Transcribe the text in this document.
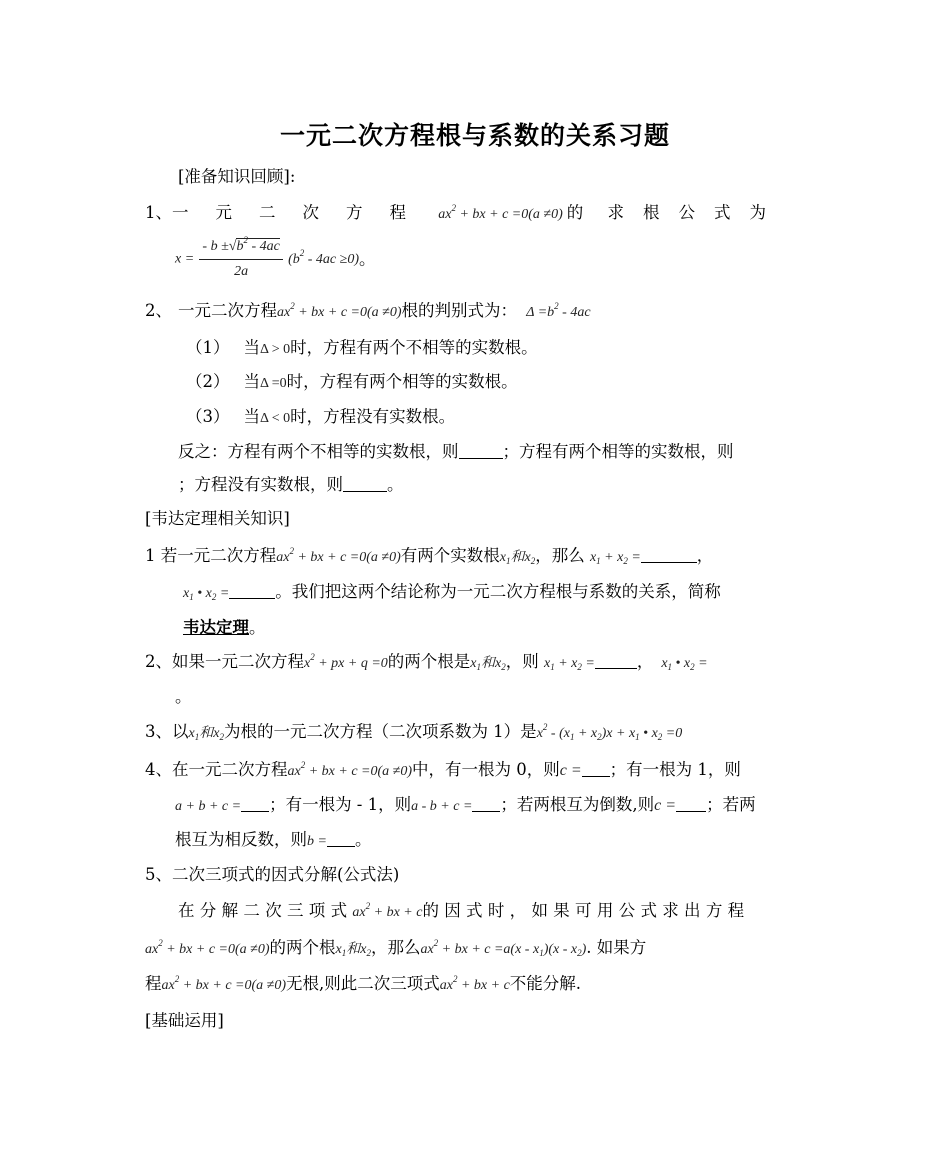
一元二次方程根与系数的关系习题
[准备知识回顾]:
1、一元二次方程 $ax^2$ + bx + c =0(a ≠0) 的 求根公式为
$x = \frac{- b \pm√b^2 - 4ac}{2a} (b^2 - 4ac \ge 0)$。
2、 一元二次方程$ax^2$ + bx + c =0(a ≠0)根的判别式为： $\Delta =b^2 - 4ac$
（1） 当Δ > 0时，方程有两个不相等的实数根。
（2） 当Δ =0时，方程有两个相等的实数根。
（3） 当Δ < 0时，方程没有实数根。
反之：方程有两个不相等的实数根，则	；方程有两个相等的实数根，则
；方程没有实数根，则	。
[韦达定理相关知识]
1 若一元二次方程$ax^2$ + bx + c =0(a ≠0)有两个实数根$x_1$和$x_2$，那么 $x_1 + x_2$ =	，
$x_1$ • $x_2$ =	。我们把这两个结论称为一元二次方程根与系数的关系，简称
韦达定理。
2、如果一元二次方程$x^2$ + px + q =0的两个根是$x_1$和$x_2$，则 $x_1 + x_2$ =	， $x_1$ • $x_2$ =
。
3、以$x_1$和$x_2$为根的一元二次方程（二次项系数为 1）是$x^2 - (x_1 + x_2)x + x_1$ • $x_2 =0$
4、在一元二次方程$ax^2$ + bx + c =0(a ≠0)中，有一根为 0，则c = ；有一根为 1，则
a + b + c = ；有一根为 - 1，则a - b + c = ；若两根互为倒数,则c = ；若两
根互为相反数，则b = 。
5、二次三项式的因式分解(公式法)
在分解二次三项式$ax^2$ + bx + c的因式时，如果可用公式求出方程
$ax^2$ + bx + c =0(a ≠0)的两个根$x_1$和$x_2$，那么$ax^2$ + bx + $c =a(x - x_1)(x - x_2)$. 如果方
程$ax^2$ + bx + c =0(a ≠0)无根,则此二次三项式$ax^2$ + bx + c不能分解.
[基础运用]
